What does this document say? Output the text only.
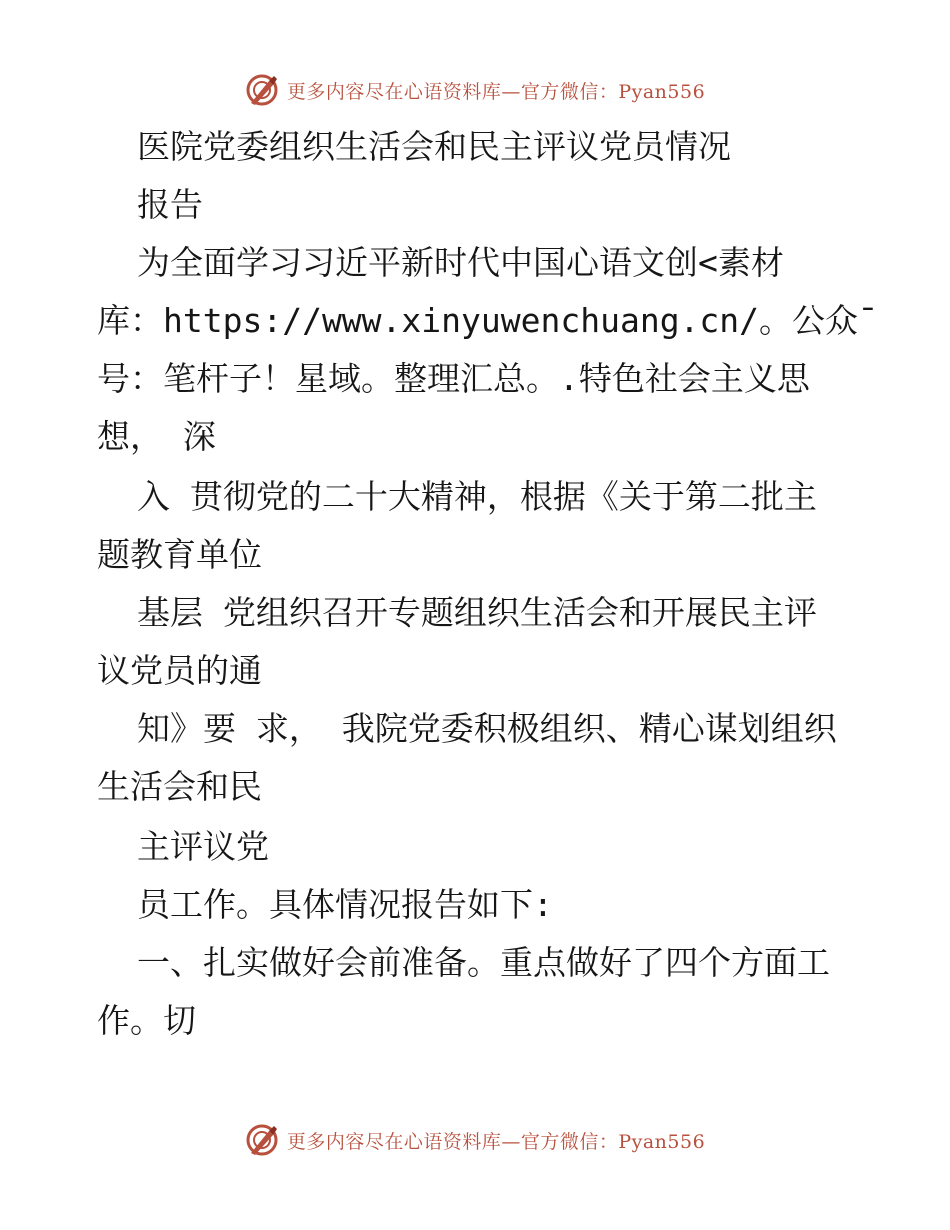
更多内容尽在心语资料库—官方微信：Pyan556
医院党委组织生活会和民主评议党员情况
报告
为全面学习习近平新时代中国心语文创<素材
库：https://www.xinyuwenchuang.cn/。公众¯
号：笔杆子！星域。整理汇总。.特色社会主义思
想， 深
入 贯彻党的二十大精神，根据《关于第二批主
题教育单位
基层 党组织召开专题组织生活会和开展民主评
议党员的通
知》要 求， 我院党委积极组织、精心谋划组织
生活会和民
主评议党
员工作。具体情况报告如下:
一、扎实做好会前准备。重点做好了四个方面工
作。切
更多内容尽在心语资料库—官方微信：Pyan556
